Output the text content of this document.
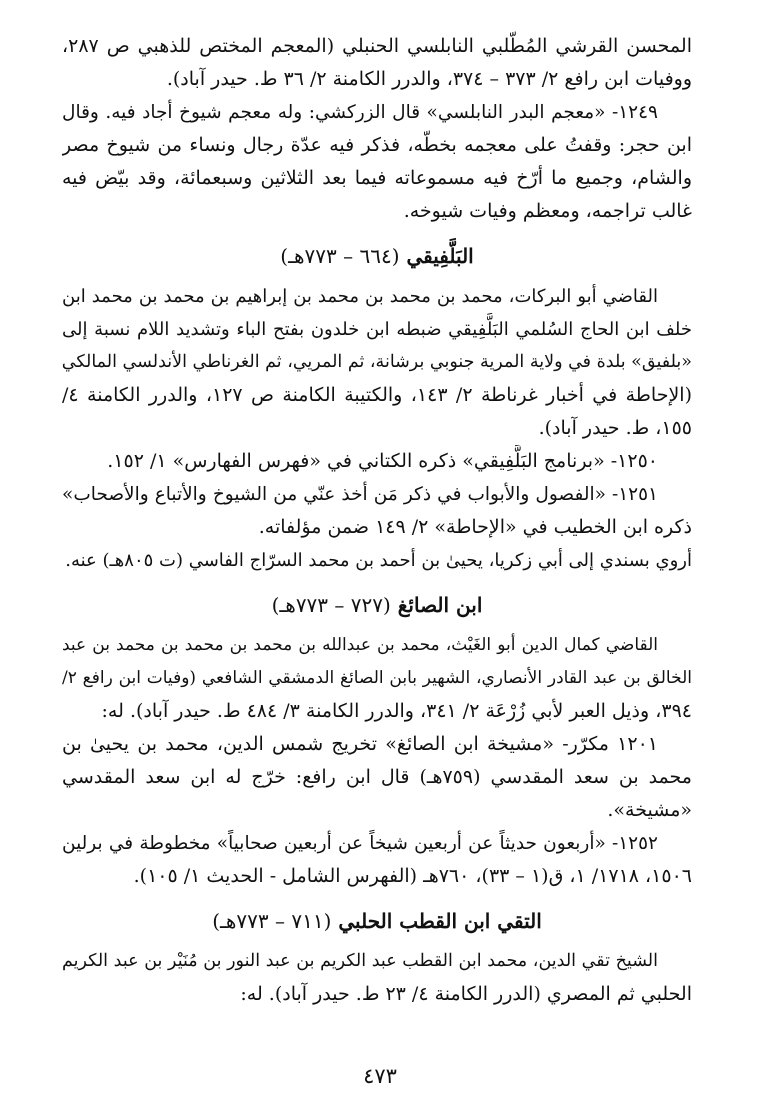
المحسن القرشي المُطّلبي النابلسي الحنبلي (المعجم المختص للذهبي ص ٢٨٧،
ووفيات ابن رافع ٢/ ٣٧٣ – ٣٧٤، والدرر الكامنة ٢/ ٣٦ ط. حيدر آباد).
١٢٤٩- «معجم البدر النابلسي» قال الزركشي: وله معجم شيوخ أجاد فيه. وقال
ابن حجر: وقفتُ على معجمه بخطّه، فذكر فيه عدّة رجال ونساء من شيوخ مصر
والشام، وجميع ما أرّخ فيه مسموعاته فيما بعد الثلاثين وسبعمائة، وقد بيّض فيه
غالب تراجمه، ومعظم وفيات شيوخه.
البَلَّفِيقي (٦٦٤ – ٧٧٣هـ)
القاضي أبو البركات، محمد بن محمد بن محمد بن إبراهيم بن محمد بن محمد ابن
خلف ابن الحاج السُلمي البَلَّفِيقي ضبطه ابن خلدون بفتح الباء وتشديد اللام نسبة إلى
«بلفيق» بلدة في ولاية المرية جنوبي برشانة، ثم المريي، ثم الغرناطي الأندلسي المالكي
(الإحاطة في أخبار غرناطة ٢/ ١٤٣، والكتيبة الكامنة ص ١٢٧، والدرر الكامنة ٤/
١٥٥، ط. حيدر آباد).
١٢٥٠- «برنامج البَلَّفِيقي» ذكره الكتاني في «فهرس الفهارس» ١/ ١٥٢.
١٢٥١- «الفصول والأبواب في ذكر مَن أخذ عنّي من الشيوخ والأتباع والأصحاب»
ذكره ابن الخطيب في «الإحاطة» ٢/ ١٤٩ ضمن مؤلفاته.
أروي بسندي إلى أبي زكريا، يحيىٰ بن أحمد بن محمد السرّاج الفاسي (ت ٨٠٥هـ) عنه.
ابن الصائغ (٧٢٧ – ٧٧٣هـ)
القاضي كمال الدين أبو الغَيْث، محمد بن عبدالله بن محمد بن محمد بن محمد بن عبد
الخالق بن عبد القادر الأنصاري، الشهير بابن الصائغ الدمشقي الشافعي (وفيات ابن رافع ٢/
٣٩٤، وذيل العبر لأبي زُرْعَة ٢/ ٣٤١، والدرر الكامنة ٣/ ٤٨٤ ط. حيدر آباد). له:
١٢٠١ مكرّر- «مشيخة ابن الصائغ» تخريج شمس الدين، محمد بن يحيىٰ بن
محمد بن سعد المقدسي (٧٥٩هـ) قال ابن رافع: خرّج له ابن سعد المقدسي
«مشيخة».
١٢٥٢- «أربعون حديثاً عن أربعين شيخاً عن أربعين صحابياً» مخطوطة في برلين
١٥٠٦، ١٧١٨/ ١، ق(١ – ٣٣)، ٧٦٠هـ (الفهرس الشامل - الحديث ١/ ١٠٥).
التقي ابن القطب الحلبي (٧١١ – ٧٧٣هـ)
الشيخ تقي الدين، محمد ابن القطب عبد الكريم بن عبد النور بن مُنَيْر بن عبد الكريم
الحلبي ثم المصري (الدرر الكامنة ٤/ ٢٣ ط. حيدر آباد). له:
٤٧٣
